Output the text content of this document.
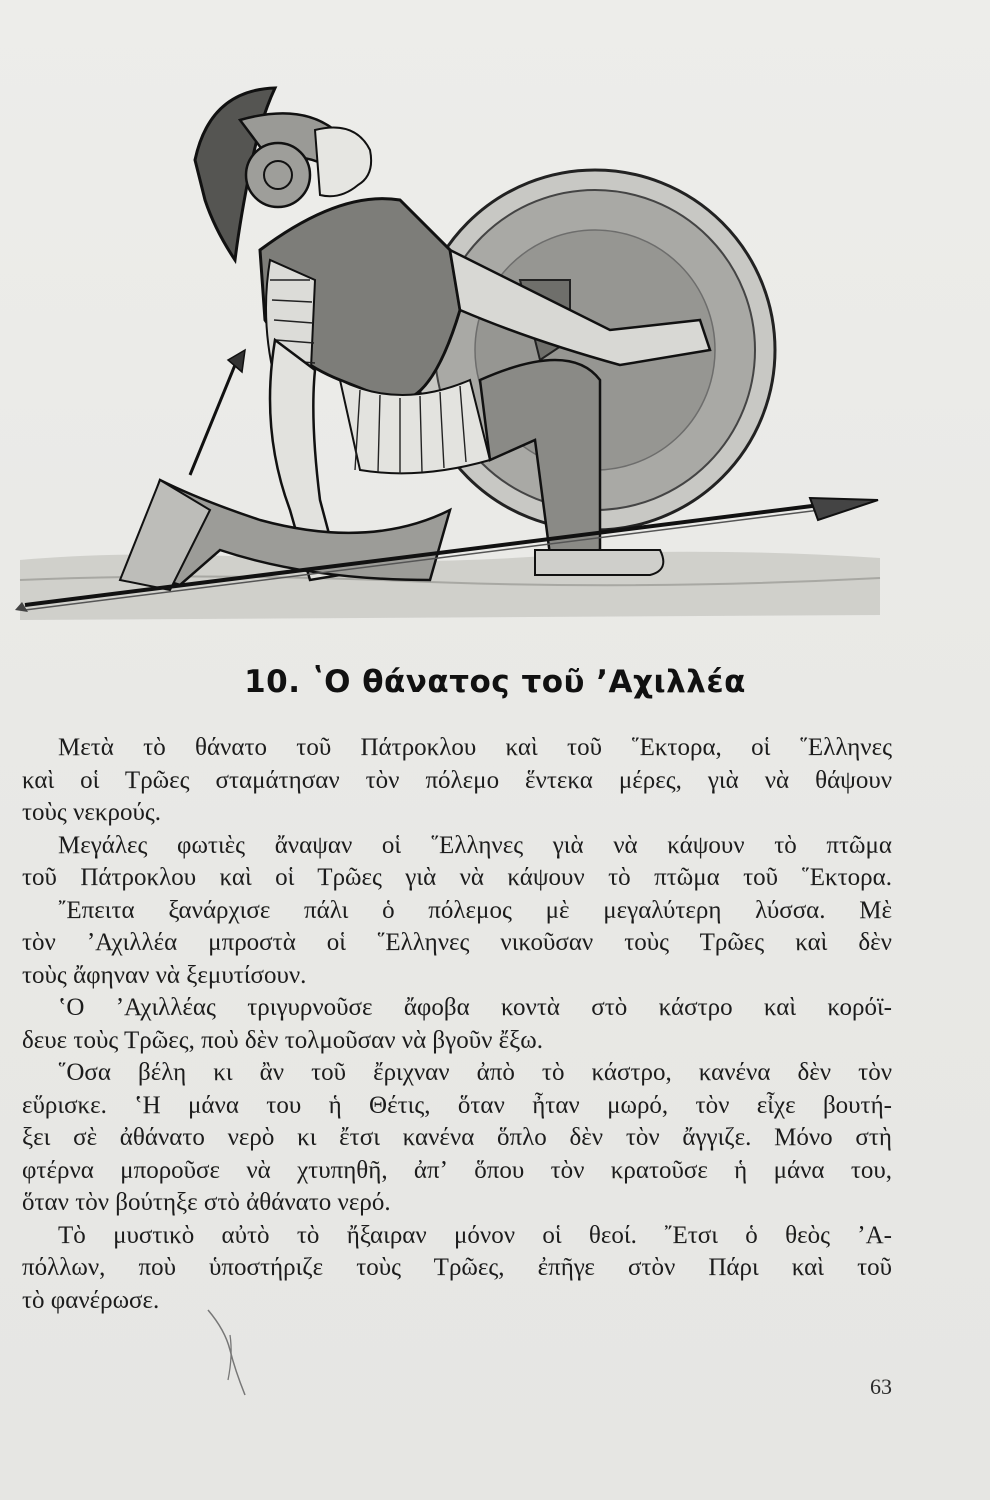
10. ʽΟ θάνατος τοῦ ʼΑχιλλέα
Μετὰ τὸ θάνατο τοῦ Πάτροκλου καὶ τοῦ ῞Εκτορα, οἱ ῞Ελληνες
καὶ οἱ Τρῶες σταμάτησαν τὸν πόλεμο ἕντεκα μέρες, γιὰ νὰ θάψουν
τοὺς νεκρούς.
Μεγάλες φωτιὲς ἄναψαν οἱ ῞Ελληνες γιὰ νὰ κάψουν τὸ πτῶμα
τοῦ Πάτροκλου καὶ οἱ Τρῶες γιὰ νὰ κάψουν τὸ πτῶμα τοῦ ῞Εκτορα.
῎Επειτα ξανάρχισε πάλι ὁ πόλεμος μὲ μεγαλύτερη λύσσα. Μὲ
τὸν ʼΑχιλλέα μπροστὰ οἱ ῞Ελληνες νικοῦσαν τοὺς Τρῶες καὶ δὲν
τοὺς ἄφηναν νὰ ξεμυτίσουν.
ʽΟ ʼΑχιλλέας τριγυρνοῦσε ἄφοβα κοντὰ στὸ κάστρο καὶ κορόϊ-
δευε τοὺς Τρῶες, ποὺ δὲν τολμοῦσαν νὰ βγοῦν ἔξω.
῞Οσα βέλη κι ἂν τοῦ ἔριχναν ἀπὸ τὸ κάστρο, κανένα δὲν τὸν
εὕρισκε. ʽΗ μάνα του ἡ Θέτις, ὅταν ἦταν μωρό, τὸν εἶχε βουτή-
ξει σὲ ἀθάνατο νερὸ κι ἔτσι κανένα ὅπλο δὲν τὸν ἄγγιζε. Μόνο στὴ
φτέρνα μποροῦσε νὰ χτυπηθῆ, ἀπʼ ὅπου τὸν κρατοῦσε ἡ μάνα του,
ὅταν τὸν βούτηξε στὸ ἀθάνατο νερό.
Τὸ μυστικὸ αὐτὸ τὸ ἤξαιραν μόνον οἱ θεοί. ῎Ετσι ὁ θεὸς ʼΑ-
πόλλων, ποὺ ὑποστήριζε τοὺς Τρῶες, ἐπῆγε στὸν Πάρι καὶ τοῦ
τὸ φανέρωσε.
63
